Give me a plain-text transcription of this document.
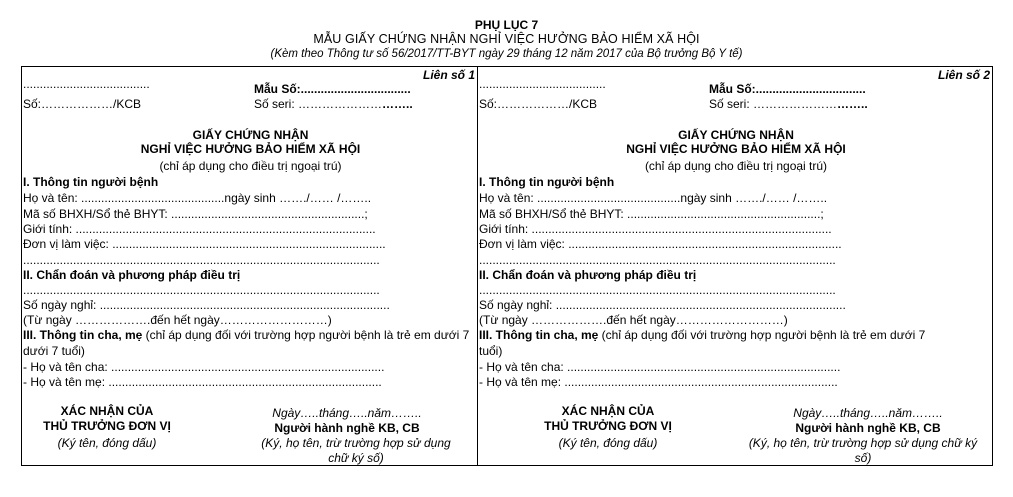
PHỤ LỤC 7
MẪU GIẤY CHỨNG NHẬN NGHỈ VIỆC HƯỞNG BẢO HIỂM XÃ HỘI
(Kèm theo Thông tư số 56/2017/TT-BYT ngày 29 tháng 12 năm 2017 của Bộ trưởng Bộ Y tế)
Liên số 1
......................................	Mẫu Số:.................................
Số:………………/KCB	Số seri: ………………………..
GIẤY CHỨNG NHẬN
NGHỈ VIỆC HƯỞNG BẢO HIỂM XÃ HỘI
(chỉ áp dụng cho điều trị ngoại trú)
I. Thông tin người bệnh
Họ và tên: ...........................................ngày sinh ……./…… /……..
Mã số BHXH/Sổ thẻ BHYT: ..........................................................;
Giới tính: ..........................................................................................
Đơn vị làm việc: ..................................................................................
...........................................................................................................
II. Chẩn đoán và phương pháp điều trị
...........................................................................................................
Số ngày nghỉ: .......................................................................................
(Từ ngày ……………….đến hết ngày………………………)
III. Thông tin cha, mẹ (chỉ áp dụng đối với trường hợp người bệnh là trẻ em dưới 7
dưới 7 tuổi)
- Họ và tên cha: ..................................................................................
- Họ và tên mẹ: ..................................................................................
XÁC NHẬN CỦA
THỦ TRƯỞNG ĐƠN VỊ
(Ký tên, đóng dấu)
Ngày…..tháng…..năm……..
Người hành nghề KB, CB
(Ký, họ tên, trừ trường hợp sử dụng
chữ ký số)
Liên số 2
......................................	Mẫu Số:.................................
Số:………………/KCB	Số seri: ………………………..
GIẤY CHỨNG NHẬN
NGHỈ VIỆC HƯỞNG BẢO HIỂM XÃ HỘI
(chỉ áp dụng cho điều trị ngoại trú)
I. Thông tin người bệnh
Họ và tên: ...........................................ngày sinh ……./…… /……..
Mã số BHXH/Sổ thẻ BHYT: ..........................................................;
Giới tính: ..........................................................................................
Đơn vị làm việc: ..................................................................................
...........................................................................................................
II. Chẩn đoán và phương pháp điều trị
...........................................................................................................
Số ngày nghỉ: .......................................................................................
(Từ ngày ……………….đến hết ngày………………………)
III. Thông tin cha, mẹ (chỉ áp dụng đối với trường hợp người bệnh là trẻ em dưới 7
tuổi)
- Họ và tên cha: ..................................................................................
- Họ và tên mẹ: ..................................................................................
XÁC NHẬN CỦA
THỦ TRƯỞNG ĐƠN VỊ
(Ký tên, đóng dấu)
Ngày…..tháng…..năm……..
Người hành nghề KB, CB
(Ký, họ tên, trừ trường hợp sử dụng chữ ký
số)
